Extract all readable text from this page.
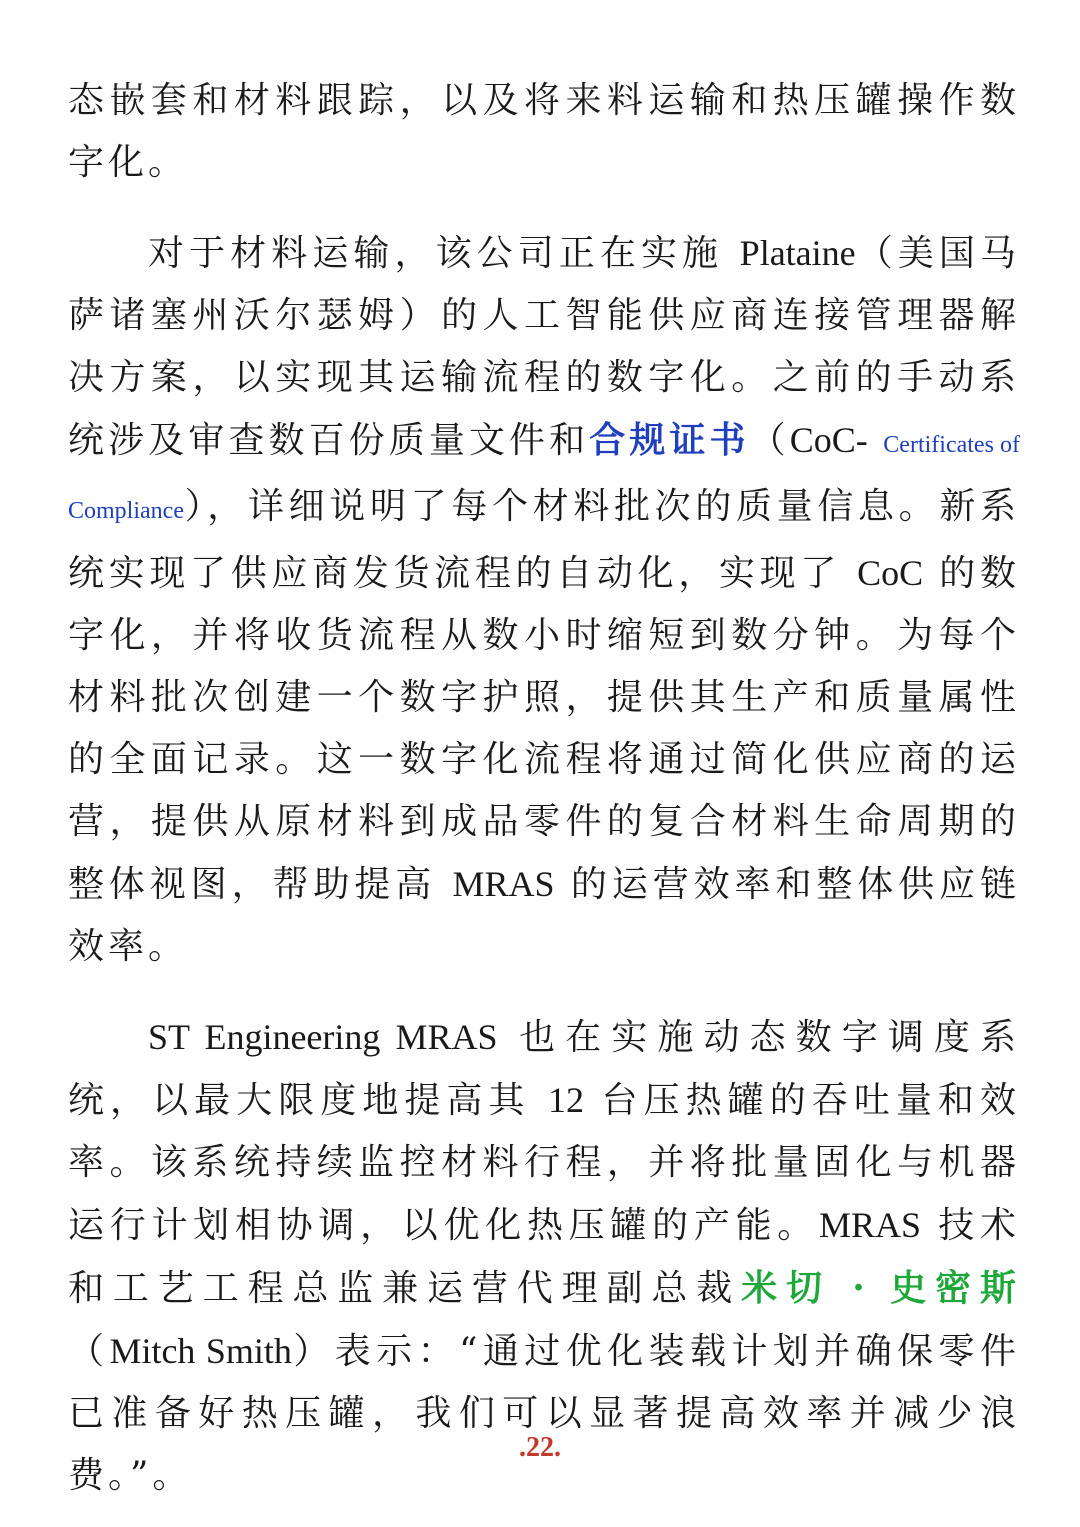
态嵌套和材料跟踪，以及将来料运输和热压罐操作数字化。

对于材料运输，该公司正在实施 Plataine（美国马萨诸塞州沃尔瑟姆）的人工智能供应商连接管理器解决方案，以实现其运输流程的数字化。之前的手动系统涉及审查数百份质量文件和合规证书（CoC- Certificates of Compliance），详细说明了每个材料批次的质量信息。新系统实现了供应商发货流程的自动化，实现了 CoC 的数字化，并将收货流程从数小时缩短到数分钟。为每个材料批次创建一个数字护照，提供其生产和质量属性的全面记录。这一数字化流程将通过简化供应商的运营，提供从原材料到成品零件的复合材料生命周期的整体视图，帮助提高 MRAS 的运营效率和整体供应链效率。

ST Engineering MRAS 也在实施动态数字调度系统，以最大限度地提高其 12 台压热罐的吞吐量和效率。该系统持续监控材料行程，并将批量固化与机器运行计划相协调，以优化热压罐的产能。MRAS 技术和工艺工程总监兼运营代理副总裁米切 · 史密斯（Mitch Smith）表示：“通过优化装载计划并确保零件已准备好热压罐，我们可以显著提高效率并减少浪费。”。

.22.
